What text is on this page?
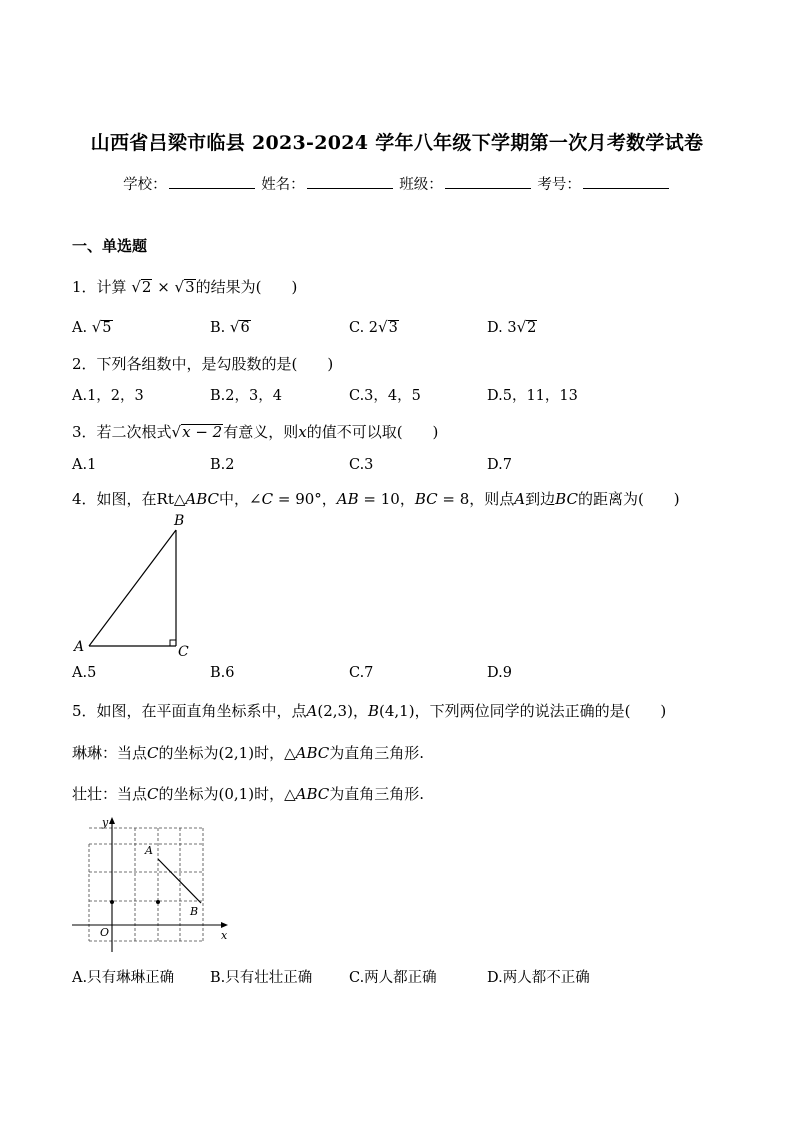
山西省吕梁市临县 2023-2024 学年八年级下学期第一次月考数学试卷
学校：	姓名：	班级：	考号：
一、单选题
1．计算 √2 × √3的结果为(　　)
A. √5	B. √6	C. 2√3	D. 3√2
2．下列各组数中，是勾股数的是(　　)
A.1，2，3	B.2，3，4	C.3，4，5	D.5，11，13
3．若二次根式√x − 2有意义，则x的值不可以取(　　)
A.1	B.2	C.3	D.7
4．如图，在Rt△ABC中，∠C = 90°，AB = 10，BC = 8，则点A到边BC的距离为(　　)
B
A	C
A.5	B.6	C.7	D.9
5．如图，在平面直角坐标系中，点A(2,3)，B(4,1)，下列两位同学的说法正确的是(　　)
琳琳：当点C的坐标为(2,1)时，△ABC为直角三角形.
壮壮：当点C的坐标为(0,1)时，△ABC为直角三角形.
y
x
O
A
B
A.只有琳琳正确 B.只有壮壮正确	C.两人都正确	D.两人都不正确
